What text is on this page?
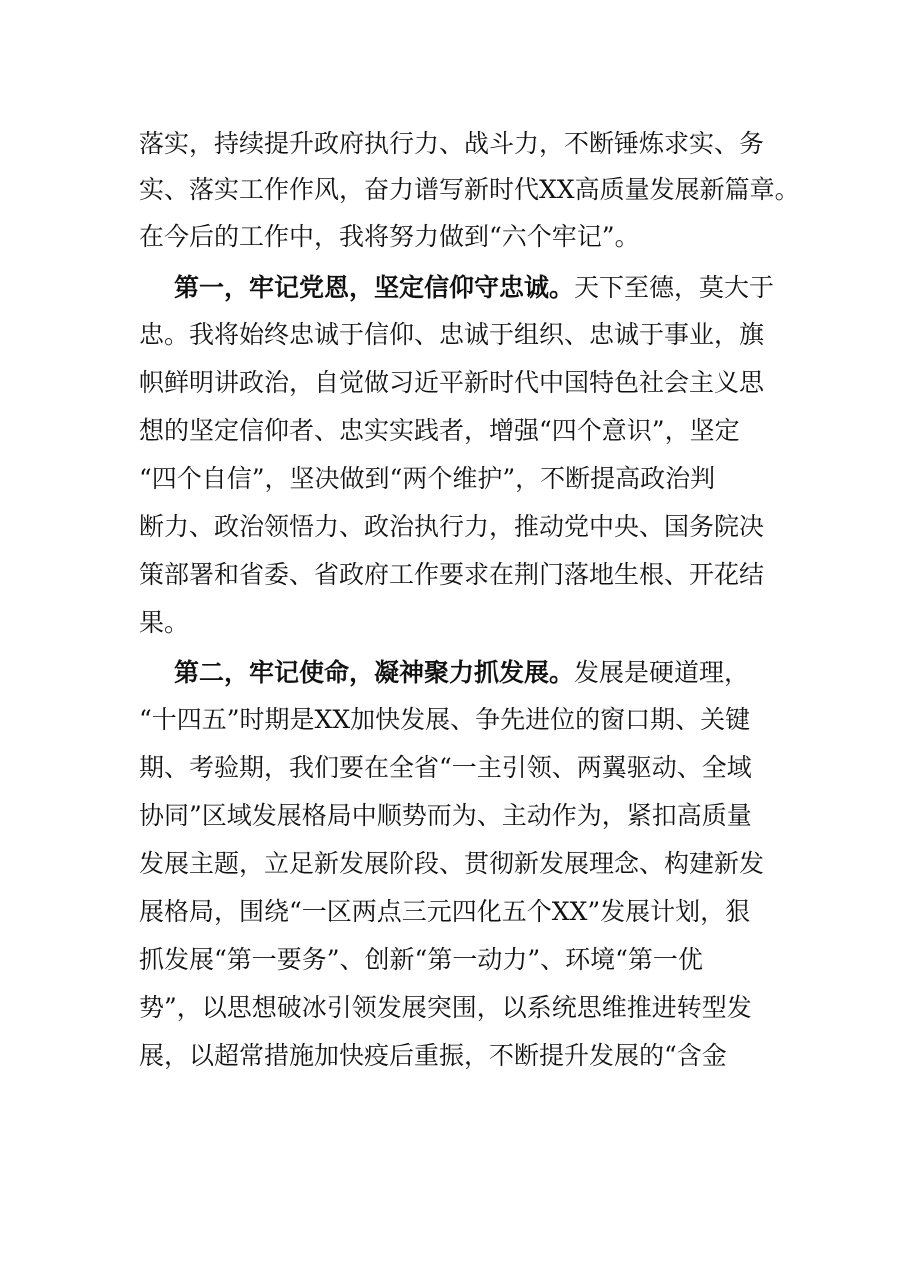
落实，持续提升政府执行力、战斗力，不断锤炼求实、务
实、落实工作作风，奋力谱写新时代XX高质量发展新篇章。
在今后的工作中，我将努力做到“六个牢记”。
第一，牢记党恩，坚定信仰守忠诚。天下至德，莫大于
忠。我将始终忠诚于信仰、忠诚于组织、忠诚于事业，旗
帜鲜明讲政治，自觉做习近平新时代中国特色社会主义思
想的坚定信仰者、忠实实践者，增强“四个意识”，坚定
“四个自信”，坚决做到“两个维护”，不断提高政治判
断力、政治领悟力、政治执行力，推动党中央、国务院决
策部署和省委、省政府工作要求在荆门落地生根、开花结
果。
第二，牢记使命，凝神聚力抓发展。发展是硬道理，
“十四五”时期是XX加快发展、争先进位的窗口期、关键
期、考验期，我们要在全省“一主引领、两翼驱动、全域
协同”区域发展格局中顺势而为、主动作为，紧扣高质量
发展主题，立足新发展阶段、贯彻新发展理念、构建新发
展格局，围绕“一区两点三元四化五个XX”发展计划，狠
抓发展“第一要务”、创新“第一动力”、环境“第一优
势”，以思想破冰引领发展突围，以系统思维推进转型发
展，以超常措施加快疫后重振，不断提升发展的“含金
